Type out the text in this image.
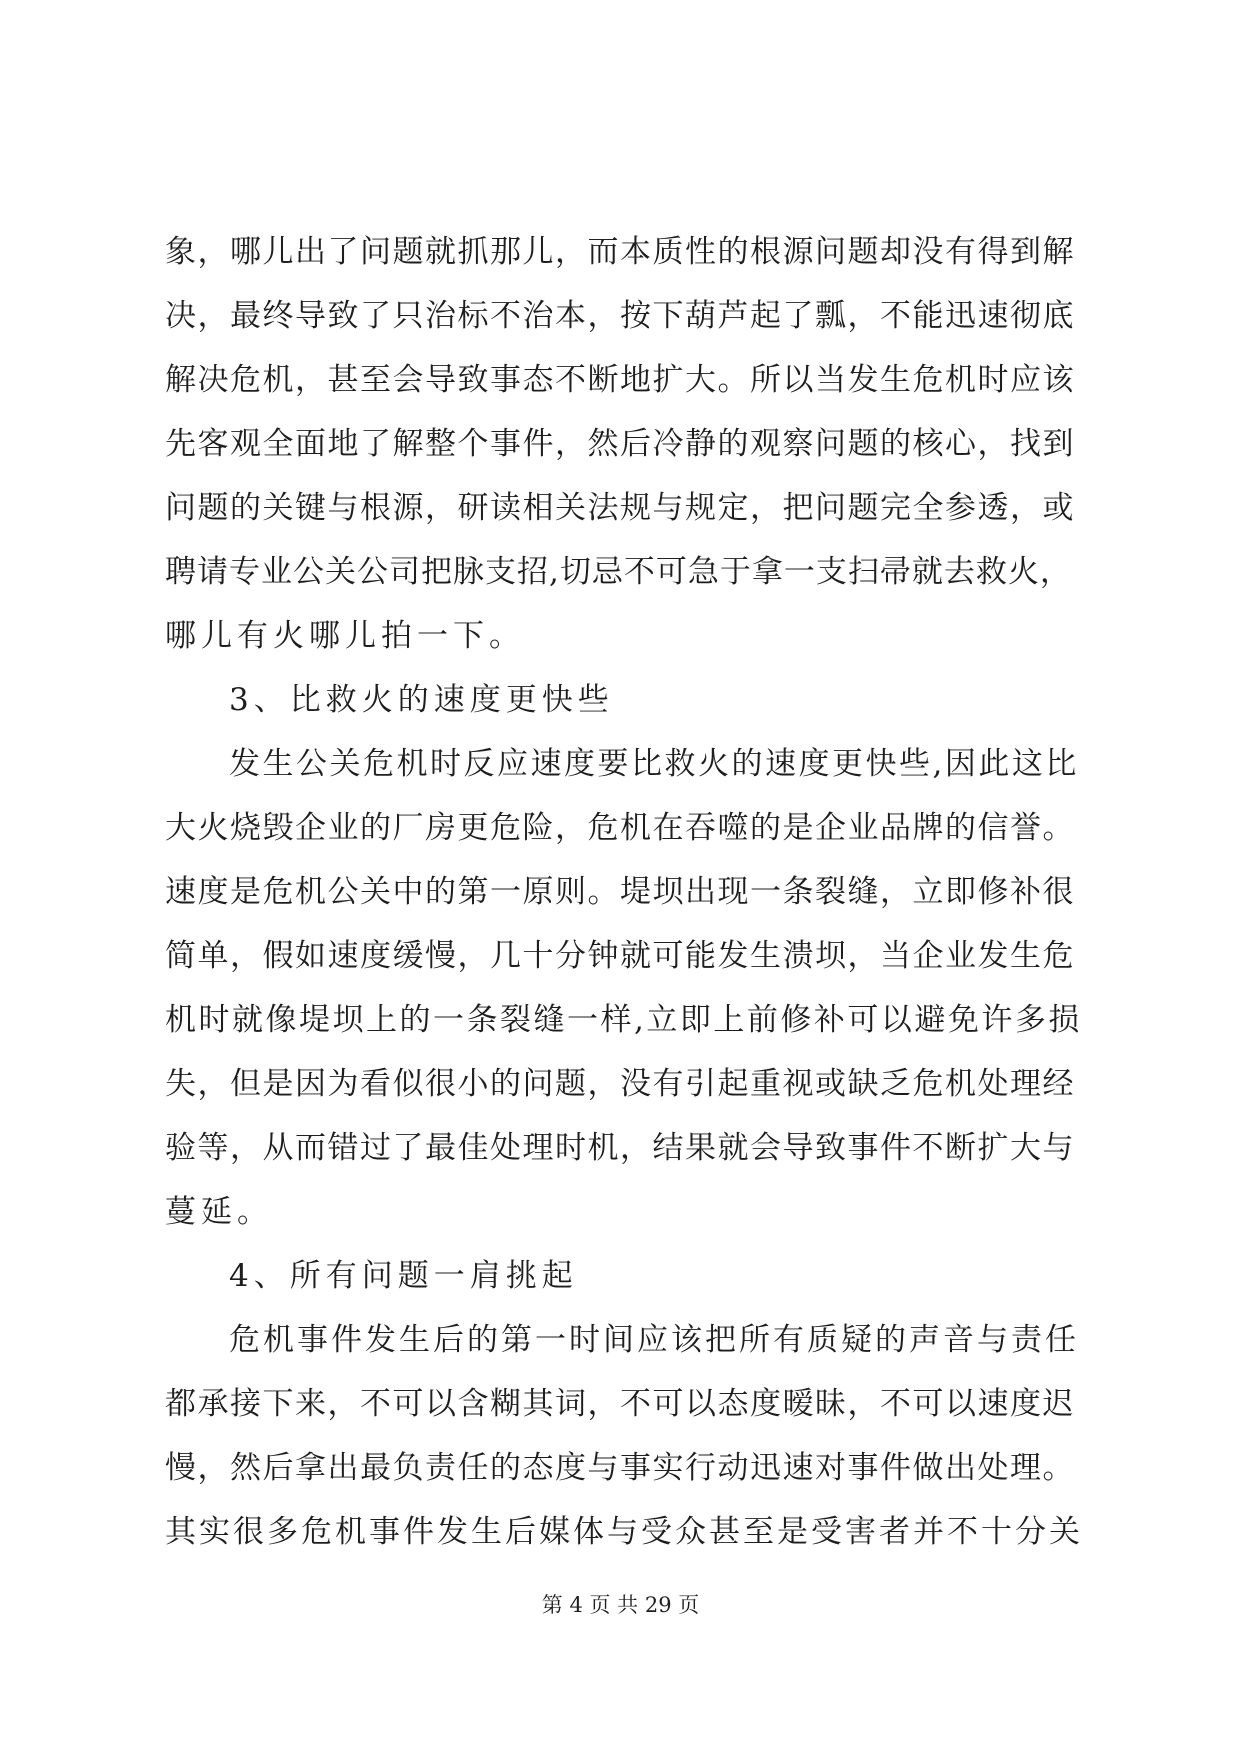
象，哪儿出了问题就抓那儿，而本质性的根源问题却没有得到解
决，最终导致了只治标不治本，按下葫芦起了瓢，不能迅速彻底
解决危机，甚至会导致事态不断地扩大。所以当发生危机时应该
先客观全面地了解整个事件，然后冷静的观察问题的核心，找到
问题的关键与根源，研读相关法规与规定，把问题完全参透，或
聘请专业公关公司把脉支招,切忌不可急于拿一支扫帚就去救火，
哪儿有火哪儿拍一下。
3、比救火的速度更快些
发生公关危机时反应速度要比救火的速度更快些,因此这比
大火烧毁企业的厂房更危险，危机在吞噬的是企业品牌的信誉。
速度是危机公关中的第一原则。堤坝出现一条裂缝，立即修补很
简单，假如速度缓慢，几十分钟就可能发生溃坝，当企业发生危
机时就像堤坝上的一条裂缝一样,立即上前修补可以避免许多损
失，但是因为看似很小的问题，没有引起重视或缺乏危机处理经
验等，从而错过了最佳处理时机，结果就会导致事件不断扩大与
蔓延。
4、所有问题一肩挑起
危机事件发生后的第一时间应该把所有质疑的声音与责任
都承接下来，不可以含糊其词，不可以态度暧昧，不可以速度迟
慢，然后拿出最负责任的态度与事实行动迅速对事件做出处理。
其实很多危机事件发生后媒体与受众甚至是受害者并不十分关
第 4 页 共 29 页
